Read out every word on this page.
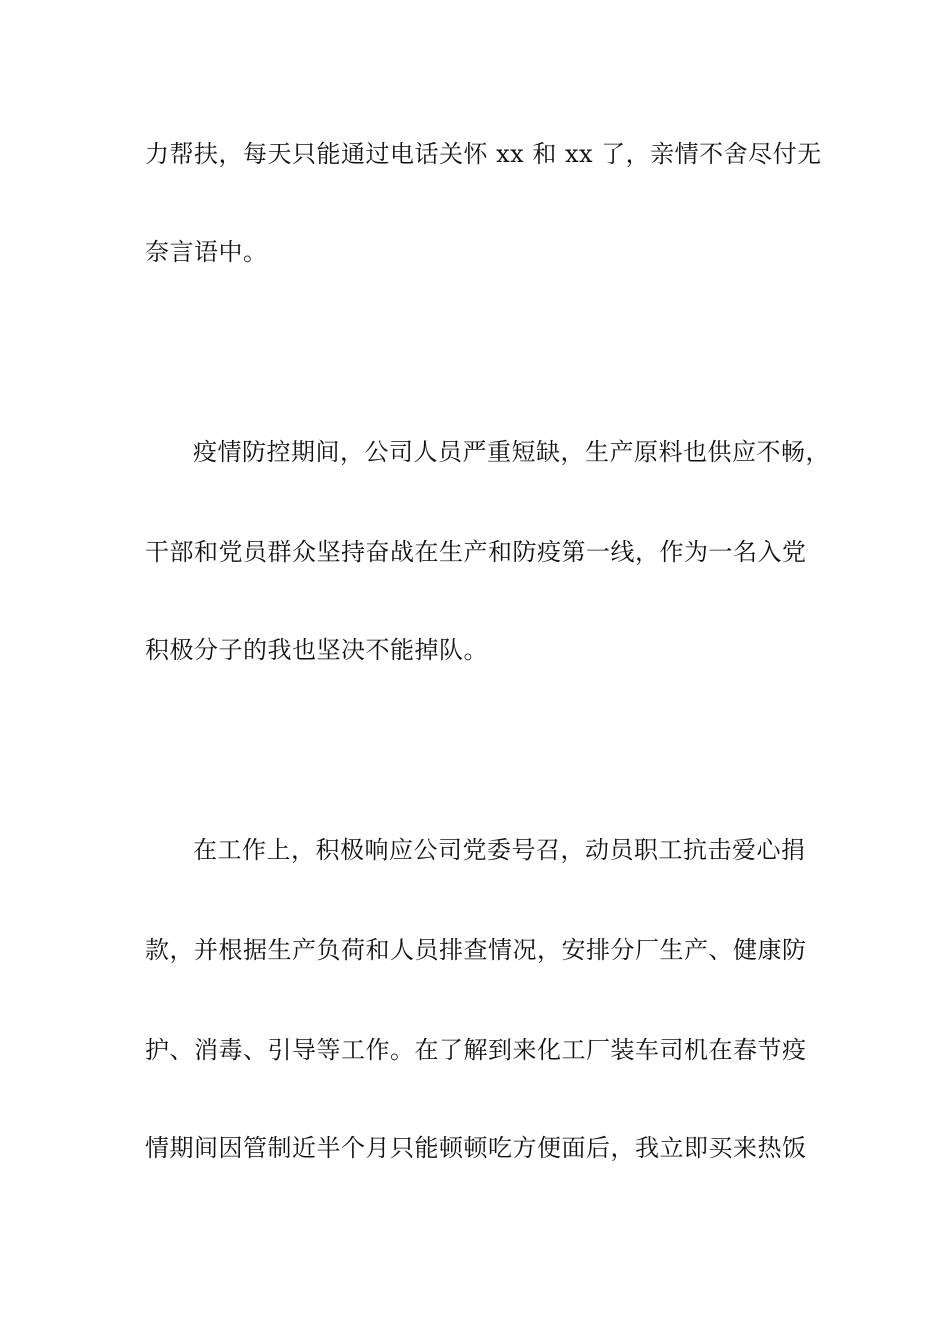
力帮扶，每天只能通过电话关怀 xx 和 xx 了，亲情不舍尽付无
奈言语中。
疫情防控期间，公司人员严重短缺，生产原料也供应不畅，
干部和党员群众坚持奋战在生产和防疫第一线，作为一名入党
积极分子的我也坚决不能掉队。
在工作上，积极响应公司党委号召，动员职工抗击爱心捐
款，并根据生产负荷和人员排查情况，安排分厂生产、健康防
护、消毒、引导等工作。在了解到来化工厂装车司机在春节疫
情期间因管制近半个月只能顿顿吃方便面后，我立即买来热饭
